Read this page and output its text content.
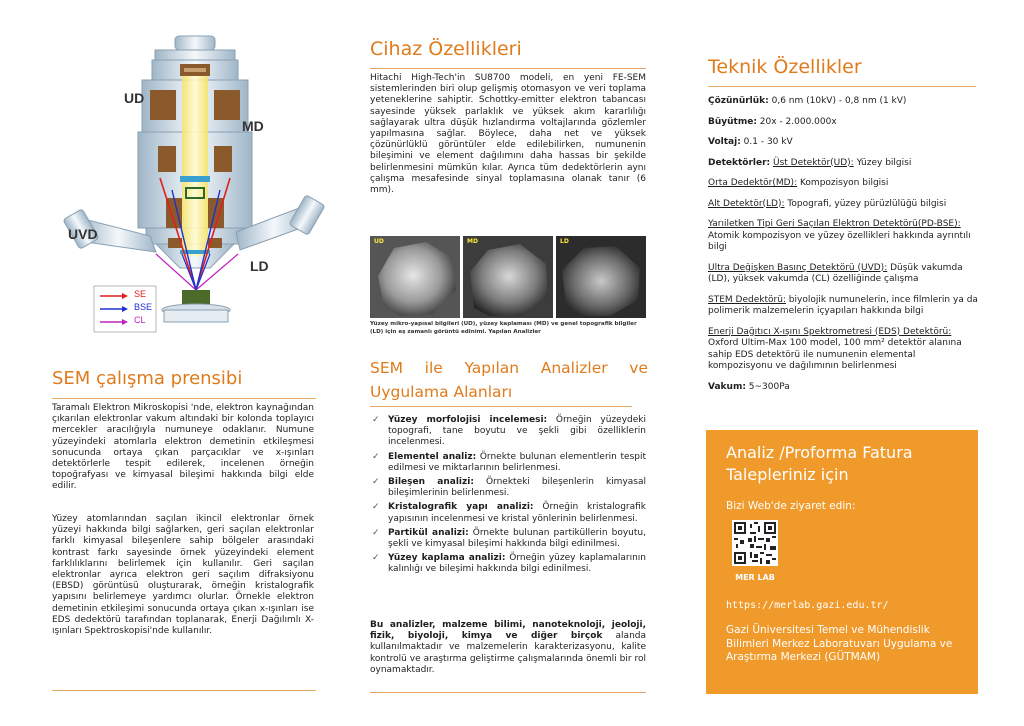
UD
MD
UVD
LD
SE
BSE
CL
SEM çalışma prensibi
Taramalı Elektron Mikroskopisi 'nde, elektron kaynağından çıkarılan elektronlar vakum altındaki bir kolonda toplayıcı mercekler aracılığıyla numuneye odaklanır. Numune yüzeyindeki atomlarla elektron demetinin etkileşmesi sonucunda ortaya çıkan parçacıklar ve x-ışınları detektörlerle tespit edilerek, incelenen örneğin topoğrafyası ve kimyasal bileşimi hakkında bilgi elde edilir.
Yüzey atomlarından saçılan ikincil elektronlar örnek yüzeyi hakkında bilgi sağlarken, geri saçılan elektronlar farklı kimyasal bileşenlere sahip bölgeler arasındaki kontrast farkı sayesinde örnek yüzeyindeki element farklılıklarını belirlemek için kullanılır. Geri saçılan elektronlar ayrıca elektron geri saçılım difraksiyonu (EBSD) görüntüsü oluşturarak, örneğin kristalografik yapısını belirlemeye yardımcı olurlar. Örnekle elektron demetinin etkileşimi sonucunda ortaya çıkan x-ışınları ise EDS dedektörü tarafından toplanarak, Enerji Dağılımlı X-ışınları Spektroskopisi'nde kullanılır.
Cihaz Özellikleri
Hitachi High-Tech'in SU8700 modeli, en yeni FE-SEM sistemlerinden biri olup gelişmiş otomasyon ve veri toplama yeteneklerine sahiptir. Schottky-emitter elektron tabancası sayesinde yüksek parlaklık ve yüksek akım kararlılığı sağlayarak ultra düşük hızlandırma voltajlarında gözlemler yapılmasına sağlar. Böylece, daha net ve yüksek çözünürlüklü görüntüler elde edilebilirken, numunenin bileşimini ve element dağılımını daha hassas bir şekilde belirlenmesini mümkün kılar. Ayrıca tüm dedektörlerin aynı çalışma mesafesinde sinyal toplamasına olanak tanır (6 mm).
UD	MD	LD
Yüzey mikro-yapısal bilgileri (UD), yüzey kaplaması (MD) ve genel topografik bilgiler (LD) için eş zamanlı görüntü edinimi. Yapılan Analizler
SEM ile Yapılan Analizler ve Uygulama Alanları
✓ Yüzey morfolojisi incelemesi: Örneğin yüzeydeki topografi, tane boyutu ve şekli gibi özelliklerin incelenmesi.
✓ Elementel analiz: Örnekte bulunan elementlerin tespit edilmesi ve miktarlarının belirlenmesi.
✓ Bileşen analizi: Örnekteki bileşenlerin kimyasal bileşimlerinin belirlenmesi.
✓ Kristalografik yapı analizi: Örneğin kristalografik yapısının incelenmesi ve kristal yönlerinin belirlenmesi.
✓ Partikül analizi: Örnekte bulunan partiküllerin boyutu, şekli ve kimyasal bileşimi hakkında bilgi edinilmesi.
✓ Yüzey kaplama analizi: Örneğin yüzey kaplamalarının kalınlığı ve bileşimi hakkında bilgi edinilmesi.
Bu analizler, malzeme bilimi, nanoteknoloji, jeoloji, fizik, biyoloji, kimya ve diğer birçok alanda kullanılmaktadır ve malzemelerin karakterizasyonu, kalite kontrolü ve araştırma geliştirme çalışmalarında önemli bir rol oynamaktadır.
Teknik Özellikler

Çözünürlük: 0,6 nm (10kV) - 0,8 nm (1 kV)

Büyütme: 20x - 2.000.000x

Voltaj: 0.1 - 30 kV

Detektörler: Üst Detektör(UD): Yüzey bilgisi

Orta Dedektör(MD): Kompozisyon bilgisi

Alt Detektör(LD): Topografi, yüzey pürüzlülüğü bilgisi

Yarıiletken Tipi Geri Saçılan Elektron Detektörü(PD-BSE): Atomik kompozisyon ve yüzey özellikleri hakkında ayrıntılı bilgi

Ultra Değişken Basınç Detektörü (UVD): Düşük vakumda (LD), yüksek vakumda (CL) özelliğinde çalışma

STEM Dedektörü: biyolojik numunelerin, ince filmlerin ya da polimerik malzemelerin içyapıları hakkında bilgi

Enerji Dağıtıcı X-ışını Spektrometresi (EDS) Detektörü: Oxford Ultim-Max 100 model, 100 mm² detektör alanına sahip EDS detektörü ile numunenin elemental kompozisyonu ve dağılımının belirlenmesi

Vakum: 5~300Pa

Analiz /Proforma Fatura Talepleriniz için
Bizi Web'de ziyaret edin:
MER LAB
https://merlab.gazi.edu.tr/
Gazi Üniversitesi Temel ve Mühendislik Bilimleri Merkez Laboratuvarı Uygulama ve Araştırma Merkezi (GÜTMAM)
